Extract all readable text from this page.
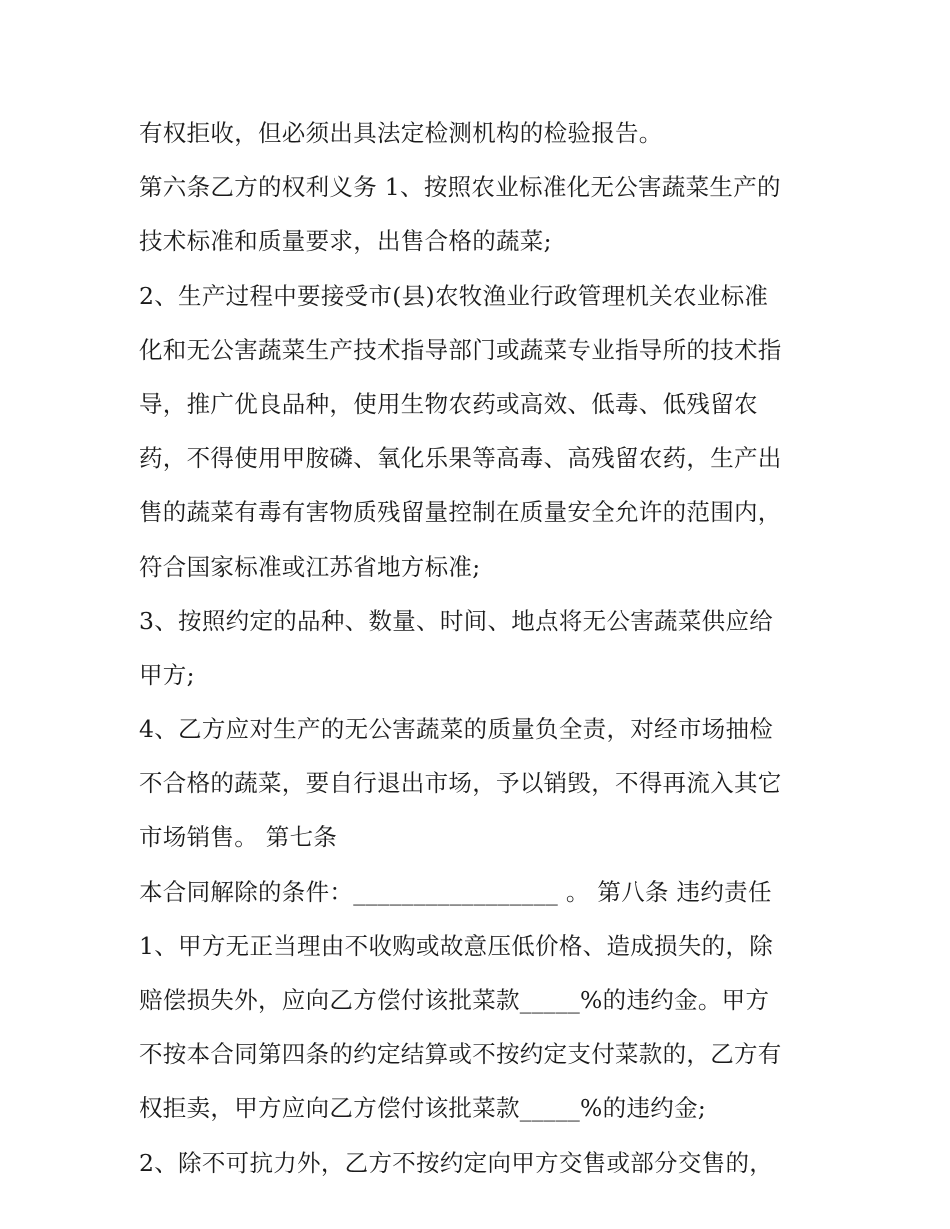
有权拒收，但必须出具法定检测机构的检验报告。
第六条乙方的权利义务 1、按照农业标准化无公害蔬菜生产的
技术标准和质量要求，出售合格的蔬菜;
2、生产过程中要接受市(县)农牧渔业行政管理机关农业标准
化和无公害蔬菜生产技术指导部门或蔬菜专业指导所的技术指
导，推广优良品种，使用生物农药或高效、低毒、低残留农
药，不得使用甲胺磷、氧化乐果等高毒、高残留农药，生产出
售的蔬菜有毒有害物质残留量控制在质量安全允许的范围内，
符合国家标准或江苏省地方标准;
3、按照约定的品种、数量、时间、地点将无公害蔬菜供应给
甲方;
4、乙方应对生产的无公害蔬菜的质量负全责，对经市场抽检
不合格的蔬菜，要自行退出市场，予以销毁，不得再流入其它
市场销售。 第七条
本合同解除的条件：_________________ 。 第八条 违约责任
1、甲方无正当理由不收购或故意压低价格、造成损失的，除
赔偿损失外，应向乙方偿付该批菜款_____%的违约金。甲方
不按本合同第四条的约定结算或不按约定支付菜款的，乙方有
权拒卖，甲方应向乙方偿付该批菜款_____%的违约金;
2、除不可抗力外，乙方不按约定向甲方交售或部分交售的，
